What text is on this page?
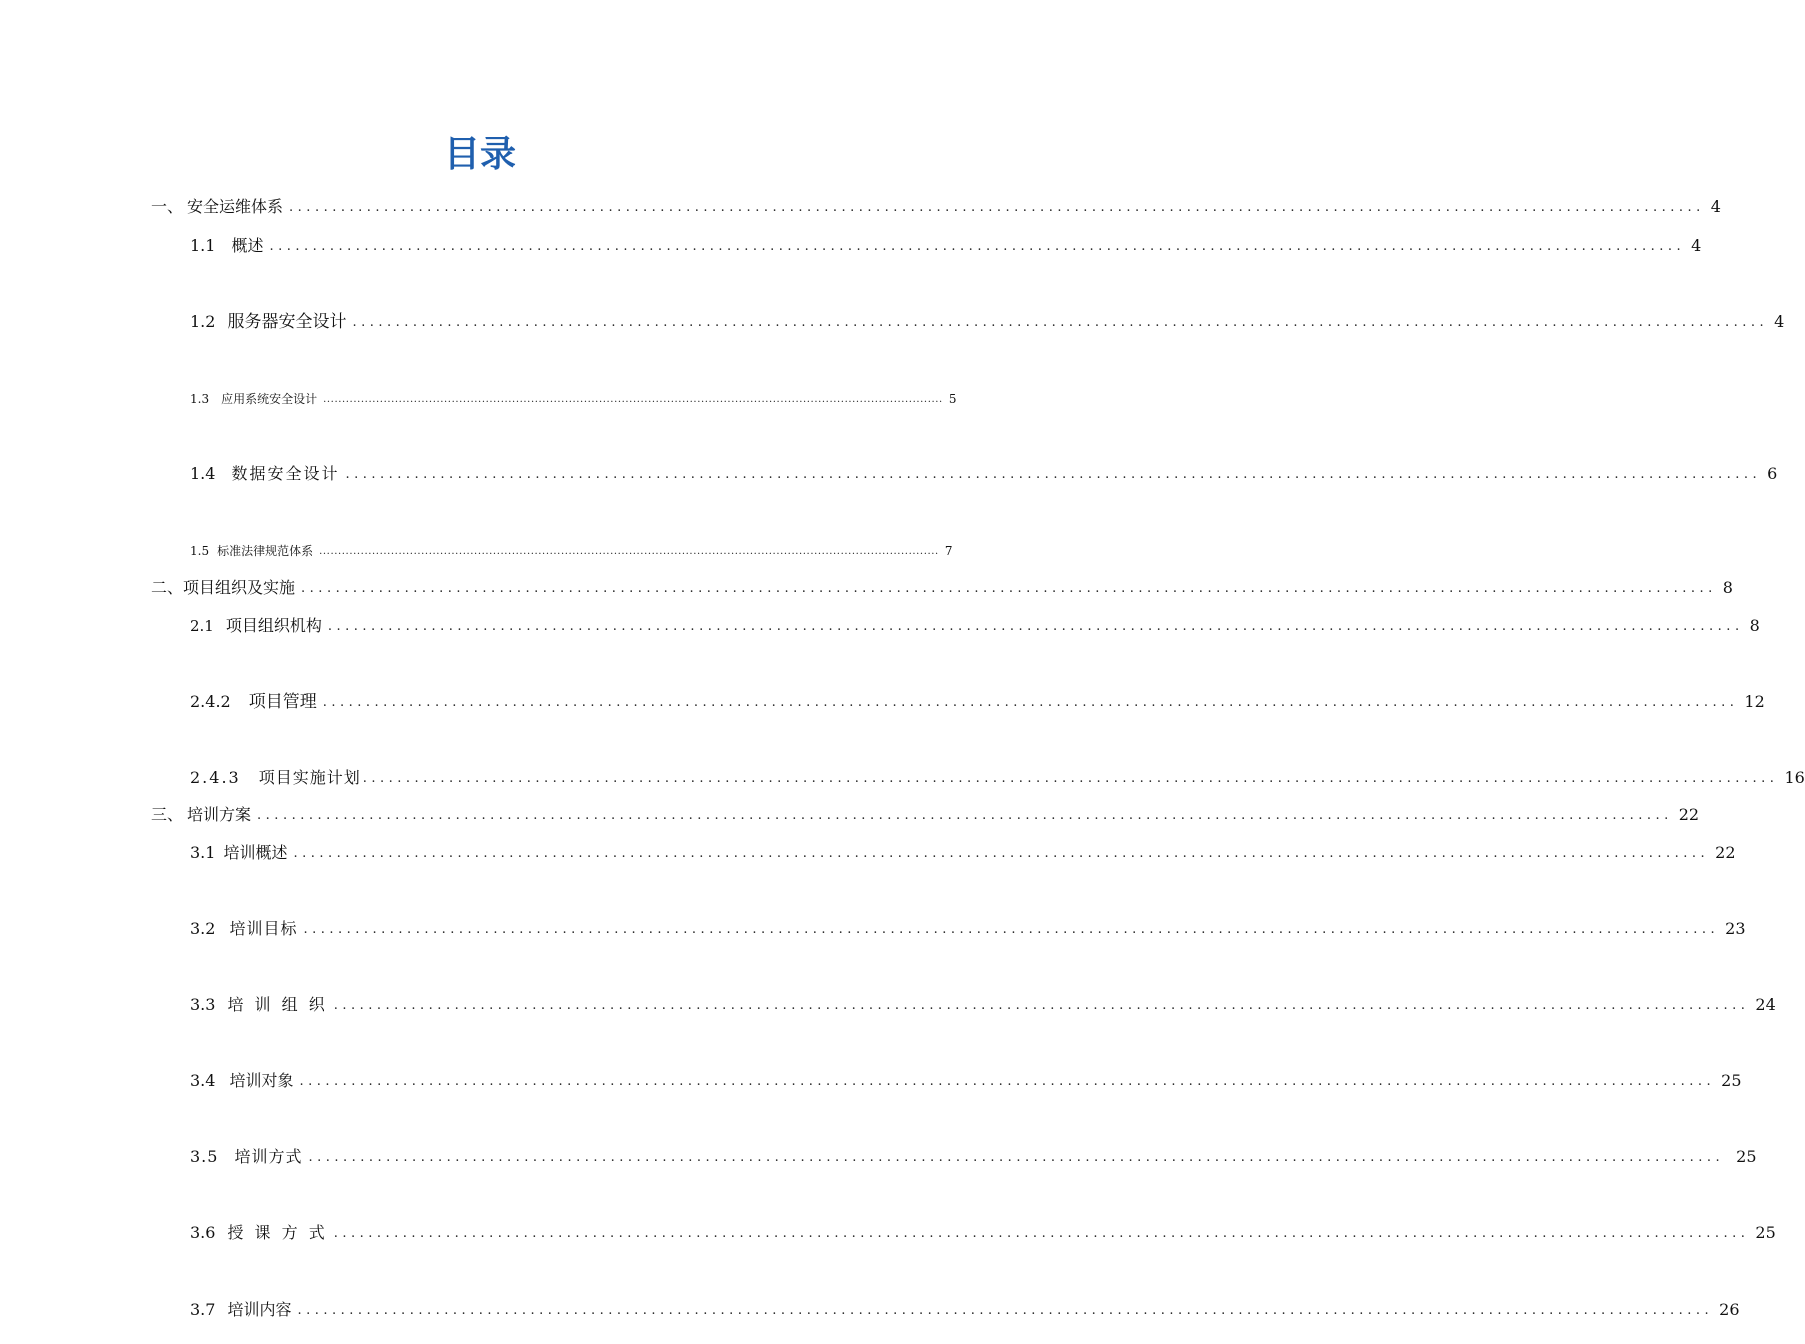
目录
一 、 安全运维体系 .................................................................................................................................................................... 4
1.1 概述 .................................................................................................................................................................... 4
1.2 服务器安全设计 .................................................................................................................................................................... 4
1.3 应用系统安全设计 .................................................................................................................................................................... 5
1.4 数据安全设计 .................................................................................................................................................................... 6
1.5 标准法律规范体系 .................................................................................................................................................................... 7
二 、 项目组织及实施 .................................................................................................................................................................... 8
2.1 项目组织机构 .................................................................................................................................................................... 8
2.4.2 项目管理 .................................................................................................................................................................... 12
2.4.3 项目实施计划 .................................................................................................................................................................... 16
三 、 培训方案 .................................................................................................................................................................... 22
3.1 培训概述 .................................................................................................................................................................... 22
3.2 培训目标 .................................................................................................................................................................... 23
3.3 培 训 组 织 .................................................................................................................................................................... 24
3.4 培训对象 .................................................................................................................................................................... 25
3.5 培训方式 .................................................................................................................................................................... 25
3.6 授 课 方 式 .................................................................................................................................................................... 25
3.7 培训内容 .................................................................................................................................................................... 26
